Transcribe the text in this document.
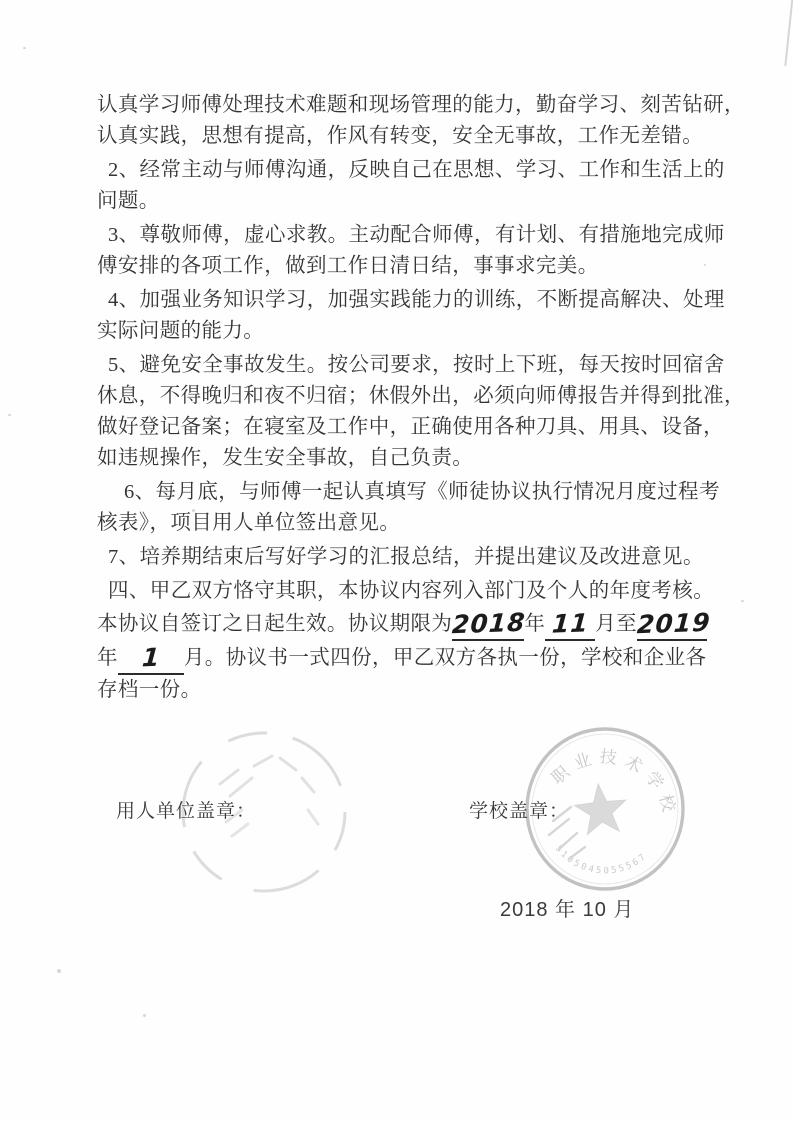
认真学习师傅处理技术难题和现场管理的能力，勤奋学习、刻苦钻研，
认真实践，思想有提高，作风有转变，安全无事故，工作无差错。
2、经常主动与师傅沟通，反映自己在思想、学习、工作和生活上的
问题。
3、尊敬师傅，虚心求教。主动配合师傅，有计划、有措施地完成师
傅安排的各项工作，做到工作日清日结，事事求完美。
4、加强业务知识学习，加强实践能力的训练，不断提高解决、处理
实际问题的能力。
5、避免安全事故发生。按公司要求，按时上下班，每天按时回宿舍
休息，不得晚归和夜不归宿；休假外出，必须向师傅报告并得到批准，
做好登记备案；在寝室及工作中，正确使用各种刀具、用具、设备，
如违规操作，发生安全事故，自己负责。
6、每月底，与师傅一起认真填写《师徒协议执行情况月度过程考
核表》，项目用人单位签出意见。
7、培养期结束后写好学习的汇报总结，并提出建议及改进意见。
四、甲乙双方恪守其职，本协议内容列入部门及个人的年度考核。
本协议自签订之日起生效。协议期限为2018年 11 月至2019
年 1 月。协议书一式四份，甲乙双方各执一份，学校和企业各
存档一份。
用人单位盖章：	学校盖章：
职业技术学校
5105045055567
2018 年 10 月
